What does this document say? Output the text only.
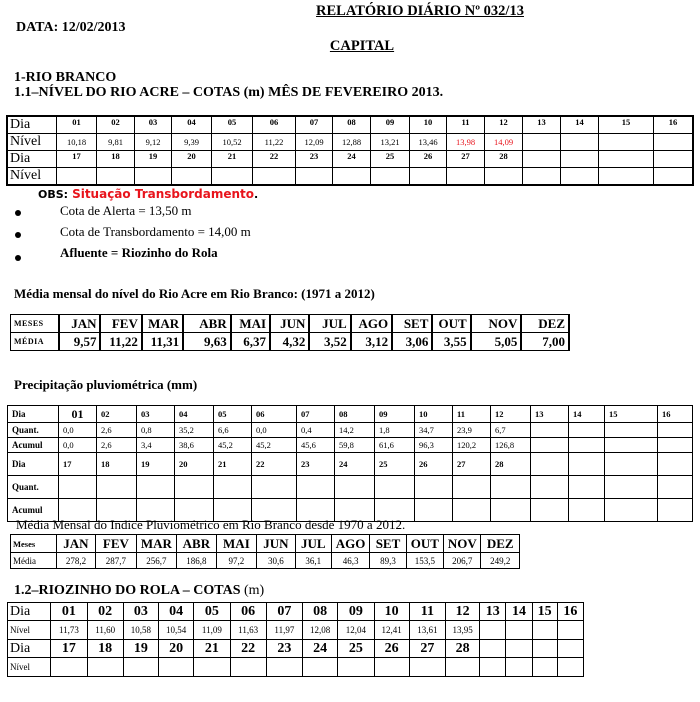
RELATÓRIO DIÁRIO Nº 032/13
DATA: 12/02/2013
CAPITAL
1-RIO BRANCO
1.1–NÍVEL DO RIO ACRE – COTAS (m) MÊS DE FEVEREIRO 2013.
Dia	01	02	03	04	05	06	07	08	09	10	11	12	13	14	15	16
Nível	10,18	9,81	9,12	9,39	10,52	11,22	12,09	12,88	13,21	13,46	13,98	14,09				
Dia	17	18	19	20	21	22	23	24	25	26	27	28				
Nível																
OBS: Situação Transbordamento.
Cota de Alerta = 13,50 m
Cota de Transbordamento = 14,00 m
Afluente = Riozinho do Rola
Média mensal do nível do Rio Acre em Rio Branco: (1971 a 2012)
MESES	JAN	FEV	MAR	ABR	MAI	JUN	JUL	AGO	SET	OUT	NOV	DEZ
MÉDIA	9,57	11,22	11,31	9,63	6,37	4,32	3,52	3,12	3,06	3,55	5,05	7,00
Precipitação pluviométrica (mm)
Dia	01	02	03	04	05	06	07	08	09	10	11	12	13	14	15	16
Quant.	0,0	2,6	0,8	35,2	6,6	0,0	0,4	14,2	1,8	34,7	23,9	6,7				
Acumul	0,0	2,6	3,4	38,6	45,2	45,2	45,6	59,8	61,6	96,3	120,2	126,8				
Dia	17	18	19	20	21	22	23	24	25	26	27	28				
Quant.																
Acumul																
Média Mensal do Indice Pluviométrico em Rio Branco desde 1970 a 2012.
Meses	JAN	FEV	MAR	ABR	MAI	JUN	JUL	AGO	SET	OUT	NOV	DEZ
Média	278,2	287,7	256,7	186,8	97,2	30,6	36,1	46,3	89,3	153,5	206,7	249,2
1.2–RIOZINHO DO ROLA – COTAS (m)
Dia	01	02	03	04	05	06	07	08	09	10	11	12	13	14	15	16
Nível	11,73	11,60	10,58	10,54	11,09	11,63	11,97	12,08	12,04	12,41	13,61	13,95				
Dia	17	18	19	20	21	22	23	24	25	26	27	28				
Nível																
